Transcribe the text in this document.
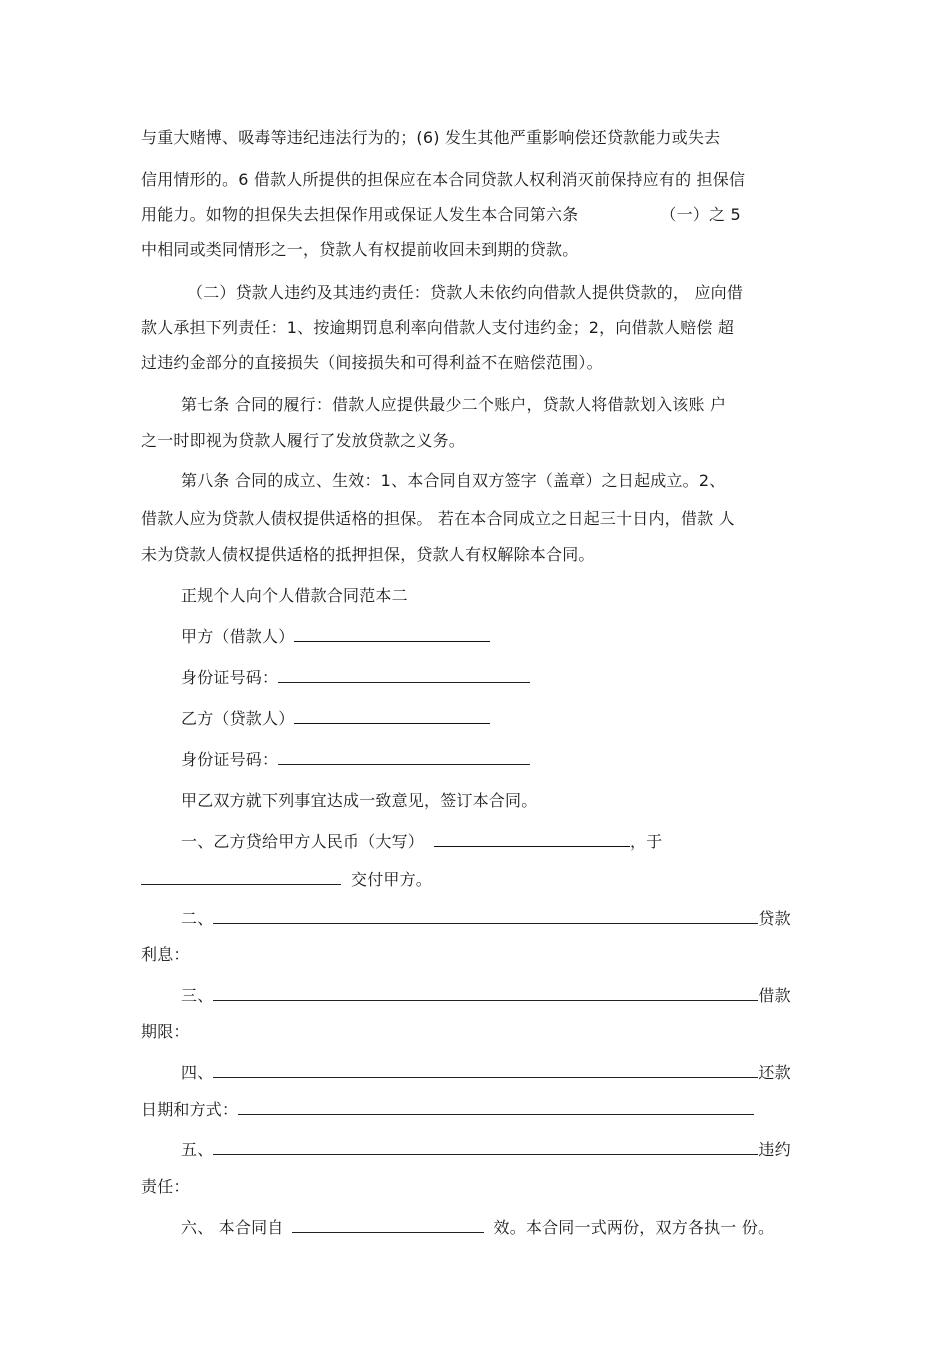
与重大赌博、吸毒等违纪违法行为的；(6) 发生其他严重影响偿还贷款能力或失去
信用情形的。6 借款人所提供的担保应在本合同贷款人权利消灭前保持应有的 担保信
用能力。如物的担保失去担保作用或保证人发生本合同第六条	（一）之 5
中相同或类同情形之一，贷款人有权提前收回未到期的贷款。
（二）贷款人违约及其违约责任：贷款人未依约向借款人提供贷款的， 应向借
款人承担下列责任：1、按逾期罚息利率向借款人支付违约金；2，向借款人赔偿 超
过违约金部分的直接损失（间接损失和可得利益不在赔偿范围）。
第七条 合同的履行：借款人应提供最少二个账户，贷款人将借款划入该账 户
之一时即视为贷款人履行了发放贷款之义务。
第八条 合同的成立、生效：1、本合同自双方签字（盖章）之日起成立。2、
借款人应为贷款人债权提供适格的担保。 若在本合同成立之日起三十日内，借款 人
未为贷款人债权提供适格的抵押担保，贷款人有权解除本合同。
正规个人向个人借款合同范本二
甲方（借款人）
身份证号码：
乙方（贷款人）
身份证号码：
甲乙双方就下列事宜达成一致意见，签订本合同。
一、乙方贷给甲方人民币（大写）	，于
交付甲方。
二、	贷款
利息：
三、	借款
期限：
四、	还款
日期和方式：
五、	违约
责任：
六、 本合同自	效。本合同一式两份，双方各执一 份。
